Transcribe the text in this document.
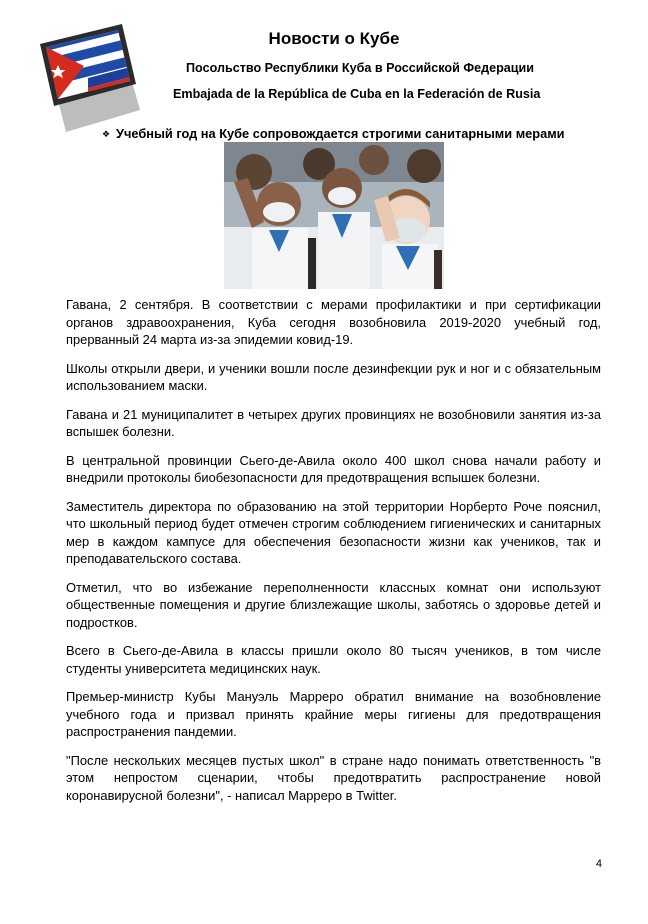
Новости о Кубе
Посольство Республики Куба в Российской Федерации
Embajada de la República de Cuba en la Federación de Rusia
❖ Учебный год на Кубе сопровождается строгими санитарными мерами

Гавана, 2 сентября. В соответствии с мерами профилактики и при сертификации органов здравоохранения, Куба сегодня возобновила 2019-2020 учебный год, прерванный 24 марта из-за эпидемии ковид-19.

Школы открыли двери, и ученики вошли после дезинфекции рук и ног и с обязательным использованием маски.

Гавана и 21 муниципалитет в четырех других провинциях не возобновили занятия из-за вспышек болезни.

В центральной провинции Сьего-де-Авила около 400 школ снова начали работу и внедрили протоколы биобезопасности для предотвращения вспышек болезни.

Заместитель директора по образованию на этой территории Норберто Роче пояснил, что школьный период будет отмечен строгим соблюдением гигиенических и санитарных мер в каждом кампусе для обеспечения безопасности жизни как учеников, так и преподавательского состава.

Отметил, что во избежание переполненности классных комнат они используют общественные помещения и другие близлежащие школы, заботясь о здоровье детей и подростков.

Всего в Сьего-де-Авила в классы пришли около 80 тысяч учеников, в том числе студенты университета медицинских наук.

Премьер-министр Кубы Мануэль Марреро обратил внимание на возобновление учебного года и призвал принять крайние меры гигиены для предотвращения распространения пандемии.

"После нескольких месяцев пустых школ" в стране надо понимать ответственность "в этом непростом сценарии, чтобы предотвратить распространение новой коронавирусной болезни", - написал Марреро в Twitter.

4
